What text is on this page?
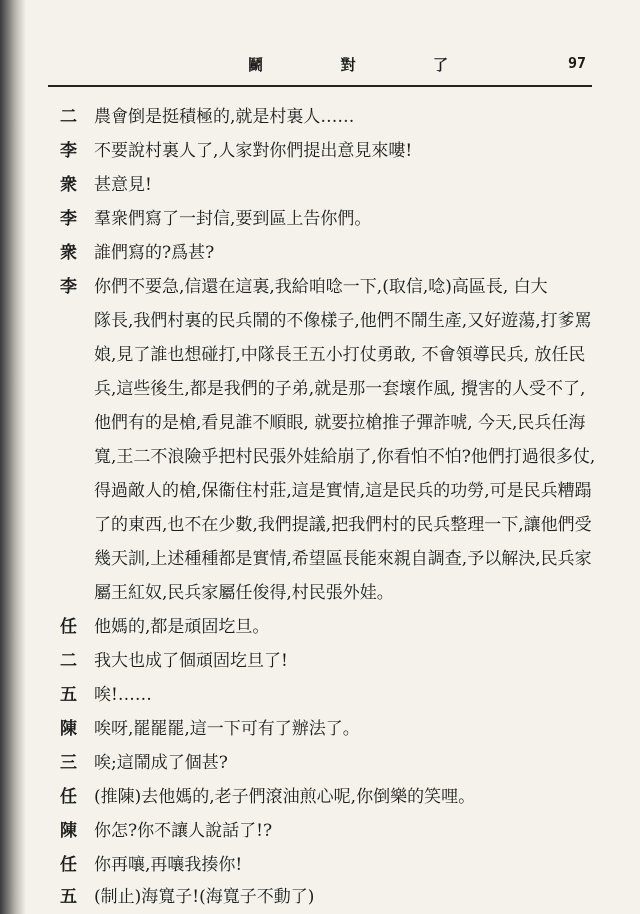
鬭	對	了	97
二 農會倒是挺積極的,就是村裏人……
李 不要說村裏人了,人家對你們提出意見來嘍!
衆 甚意見!
李 羣衆們寫了一封信,要到區上告你們。
衆 誰們寫的?爲甚?
李 你們不要急,信還在這裏,我給咱唸一下,(取信,唸)高區長, 白大
隊長,我們村裏的民兵鬧的不像樣子,他們不鬧生產,又好遊蕩,打爹罵
娘,見了誰也想碰打,中隊長王五小打仗勇敢, 不會領導民兵, 放任民
兵,這些後生,都是我們的子弟,就是那一套壞作風, 攪害的人受不了,
他們有的是槍,看見誰不順眼, 就要拉槍推子彈詐唬, 今天,民兵任海
寬,王二不浪險乎把村民張外娃給崩了,你看怕不怕?他們打過很多仗,
得過敵人的槍,保衞住村莊,這是實情,這是民兵的功勞,可是民兵糟蹋
了的東西,也不在少數,我們提議,把我們村的民兵整理一下,讓他們受
幾天訓,上述種種都是實情,希望區長能來親自調查,予以解決,民兵家
屬王紅奴,民兵家屬任俊得,村民張外娃。
任 他媽的,都是頑固圪旦。
二 我大也成了個頑固圪旦了!
五 唉!……
陳 唉呀,罷罷罷,這一下可有了辦法了。
三 唉;這鬧成了個甚?
任 (推陳)去他媽的,老子們滾油煎心呢,你倒樂的笑哩。
陳 你怎?你不讓人說話了!?
任 你再嚷,再嚷我揍你!
五 (制止)海寬子!(海寬子不動了)
